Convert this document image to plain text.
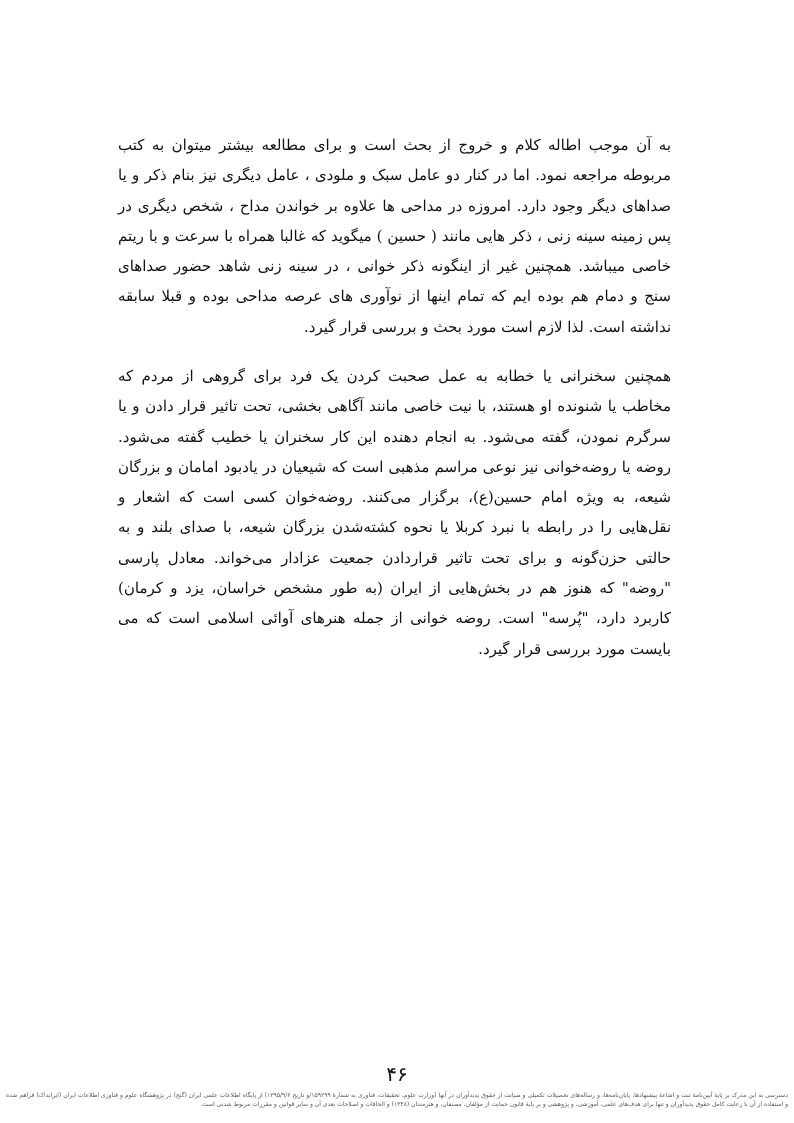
به آن موجب اطاله کلام و خروج از بحث است و برای مطالعه بیشتر میتوان به کتب مربوطه مراجعه نمود. اما در کنار دو عامل سبک و ملودی ، عامل دیگری نیز بنام ذکر و یا صداهای دیگر وجود دارد. امروزه در مداحی ها علاوه بر خواندن مداح ، شخص دیگری در پس زمینه سینه زنی ، ذکر هایی مانند ( حسین ) میگوید که غالبا همراه با سرعت و با ریتم خاصی میباشد. همچنین غیر از اینگونه ذکر خوانی ، در سینه زنی شاهد حضور صداهای سنج و دمام هم بوده ایم که تمام اینها از نوآوری های عرصه مداحی بوده و قبلا سابقه نداشته است. لذا لازم است مورد بحث و بررسی قرار گیرد.

همچنین سخنرانی یا خطابه به عمل صحبت کردن یک فرد برای گروهی از مردم که مخاطب یا شنونده او هستند، با نیت خاصی مانند آگاهی بخشی، تحت تاثیر قرار دادن و یا سرگرم نمودن، گفته می‌شود. به انجام دهنده این کار سخنران یا خطیب گفته می‌شود. روضه یا روضه‌خوانی نیز نوعی مراسم مذهبی است که شیعیان در یادبود امامان و بزرگان شیعه، به ویژه امام حسین(ع)، برگزار می‌کنند. روضه‌خوان کسی است که اشعار و نقل‌هایی را در رابطه با نبرد کربلا یا نحوه کشته‌شدن بزرگان شیعه، با صدای بلند و به حالتی حزن‌گونه و برای تحت تاثیر قراردادن جمعیت عزادار می‌خواند. معادل پارسی "روضه" که هنوز هم در بخش‌هایی از ایران (به طور مشخص خراسان، یزد و کرمان) کاربرد دارد، "پُرسه" است. روضه خوانی از جمله هنرهای آوائی اسلامی است که می بایست مورد بررسی قرار گیرد.

۴۶

دسترسی به این مدرک بر پایهٔ آیین‌نامهٔ ثبت و اشاعهٔ پیشنهادها، پایان‌نامه‌ها، و رساله‌های تحصیلات تکمیلی و صیانت از حقوق پدیدآوران در آنها (وزارت علوم، تحقیقات، فناوری به شمارهٔ ۱۵۹۲۹۹/و تاریخ ۱۳۹۵/۹/۶) از پایگاه اطلاعات علمی ایران (گنج) در پژوهشگاه علوم و فناوری اطلاعات ایران (ایرانداک) فراهم شده و استفاده از آن با رعایت کامل حقوق پدیدآوران و تنها برای هدف‌های علمی، آموزشی، و پژوهشی و بر پایهٔ قانون حمایت از مؤلفان، مصنفان، و هنرمندان (۱۳۴۸) و الحاقات و اصلاحات بعدی آن و سایر قوانین و مقررات مربوط شدنی است.
